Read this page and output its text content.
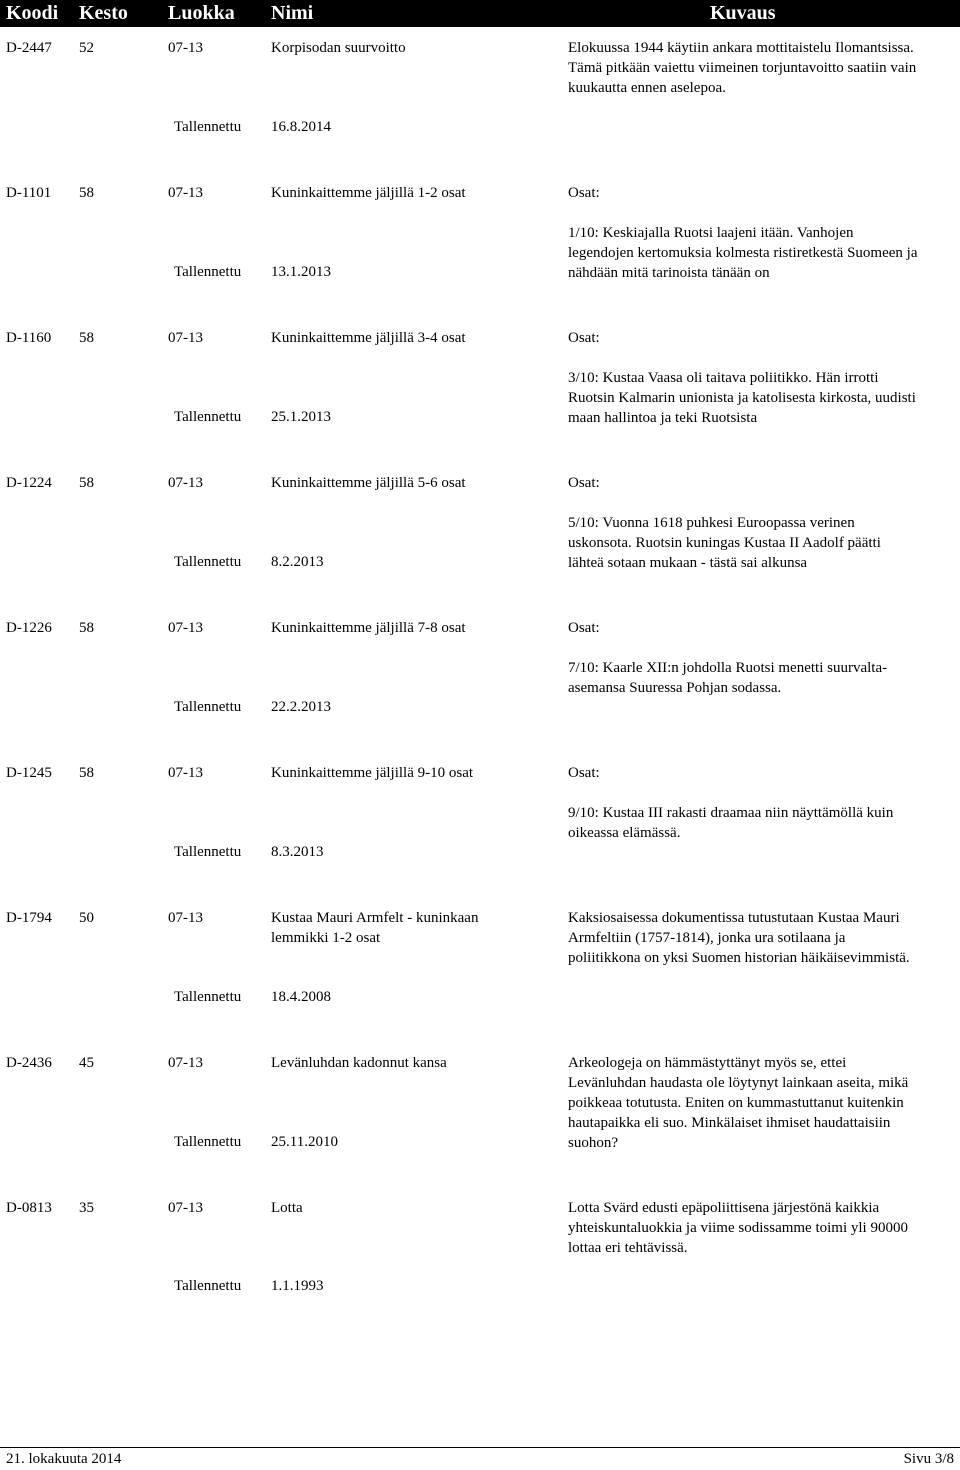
Koodi Kesto Luokka Nimi	Kuvaus
D-2447 52	07-13	Korpisodan suurvoitto	Elokuussa 1944 käytiin ankara mottitaistelu Ilomantsissa. Tämä pitkään vaiettu viimeinen torjuntavoitto saatiin vain kuukautta ennen aselepoa.
Tallennettu 16.8.2014
D-1101 58	07-13	Kuninkaittemme jäljillä 1-2 osat	Osat:
1/10: Keskiajalla Ruotsi laajeni itään. Vanhojen legendojen kertomuksia kolmesta ristiretkestä Suomeen ja nähdään mitä tarinoista tänään on
Tallennettu 13.1.2013
D-1160 58	07-13	Kuninkaittemme jäljillä 3-4 osat	Osat:
3/10: Kustaa Vaasa oli taitava poliitikko. Hän irrotti Ruotsin Kalmarin unionista ja katolisesta kirkosta, uudisti maan hallintoa ja teki Ruotsista
Tallennettu 25.1.2013
D-1224 58	07-13	Kuninkaittemme jäljillä 5-6 osat	Osat:
5/10: Vuonna 1618 puhkesi Euroopassa verinen uskonsota. Ruotsin kuningas Kustaa II Aadolf päätti lähteä sotaan mukaan - tästä sai alkunsa
Tallennettu 8.2.2013
D-1226 58	07-13	Kuninkaittemme jäljillä 7-8 osat	Osat:
7/10: Kaarle XII:n johdolla Ruotsi menetti suurvalta-asemansa Suuressa Pohjan sodassa.
Tallennettu 22.2.2013
D-1245 58	07-13	Kuninkaittemme jäljillä 9-10 osat	Osat:
9/10: Kustaa III rakasti draamaa niin näyttämöllä kuin oikeassa elämässä.
Tallennettu 8.3.2013
D-1794 50	07-13	Kustaa Mauri Armfelt - kuninkaan lemmikki 1-2 osat
Kaksiosaisessa dokumentissa tutustutaan Kustaa Mauri Armfeltiin (1757-1814), jonka ura sotilaana ja poliitikkona on yksi Suomen historian häikäisevimmistä.
Tallennettu 18.4.2008
D-2436 45	07-13	Levänluhdan kadonnut kansa	Arkeologeja on hämmästyttänyt myös se, ettei Levänluhdan haudasta ole löytynyt lainkaan aseita, mikä poikkeaa totutusta. Eniten on kummastuttanut kuitenkin hautapaikka eli suo. Minkälaiset ihmiset haudattaisiin suohon?
Tallennettu 25.11.2010
D-0813 35	07-13	Lotta	Lotta Svärd edusti epäpoliittisena järjestönä kaikkia yhteiskuntaluokkia ja viime sodissamme toimi yli 90000 lottaa eri tehtävissä.
Tallennettu 1.1.1993
21. lokakuuta 2014	Sivu 3/8
